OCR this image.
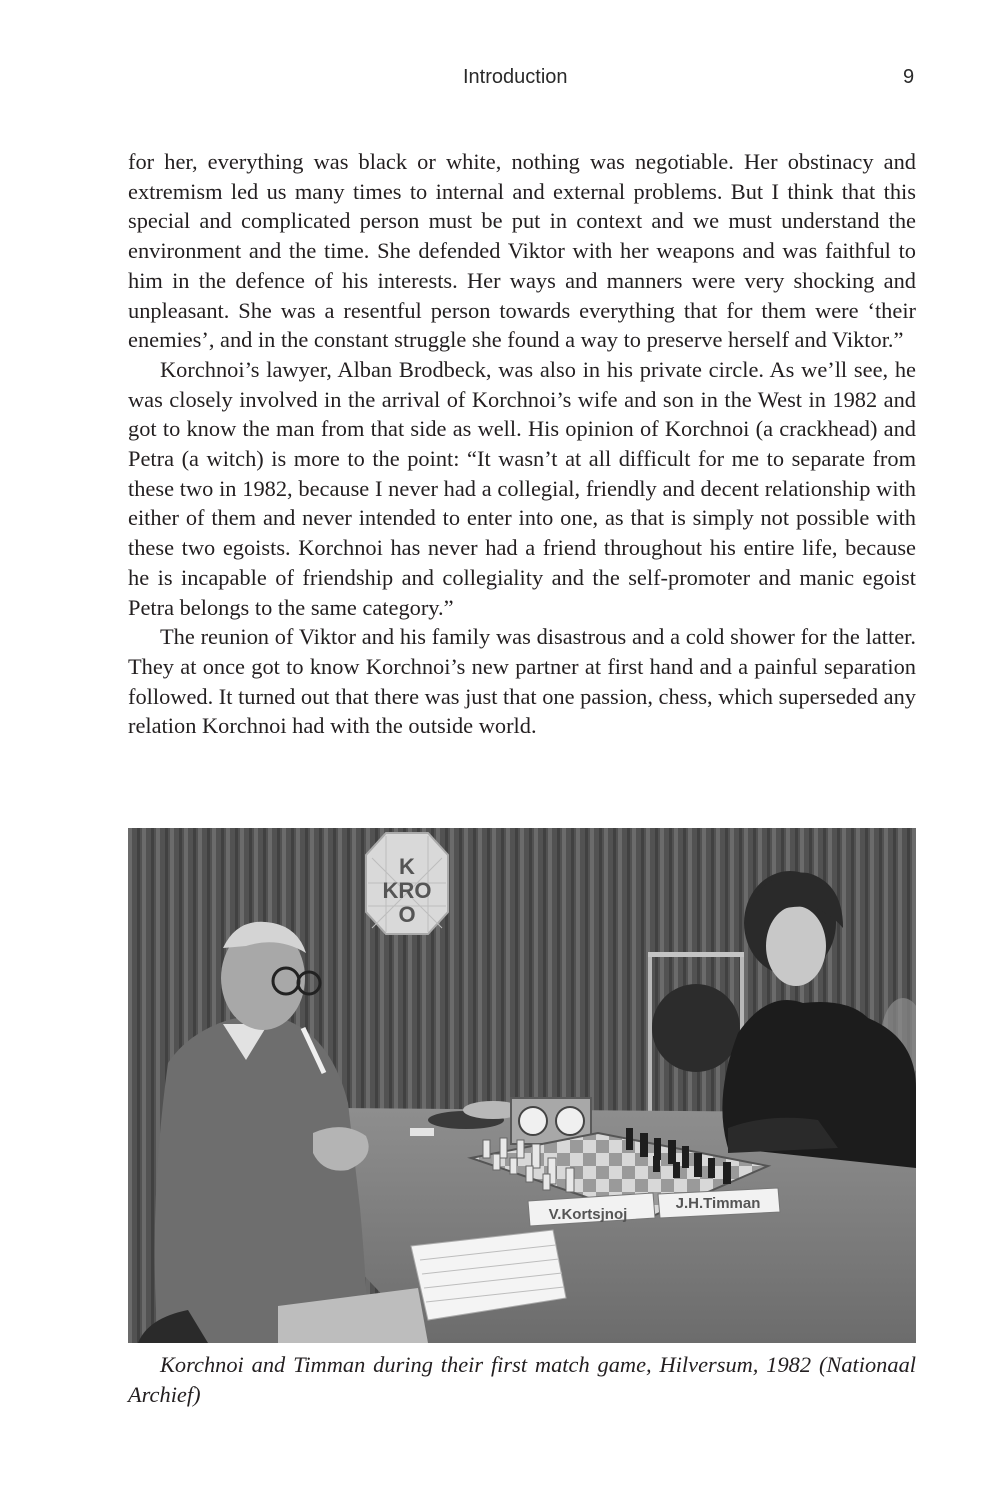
Introduction	9

for her, everything was black or white, nothing was negotiable. Her obstinacy and extremism led us many times to internal and external problems. But I think that this special and complicated person must be put in context and we must understand the environment and the time. She defended Viktor with her weapons and was faithful to him in the defence of his interests. Her ways and manners were very shocking and unpleasant. She was a resentful person towards everything that for them were ‘their enemies’, and in the constant struggle she found a way to preserve herself and Viktor.”

Korchnoi’s lawyer, Alban Brodbeck, was also in his private circle. As we’ll see, he was closely involved in the arrival of Korchnoi’s wife and son in the West in 1982 and got to know the man from that side as well. His opinion of Korchnoi (a crackhead) and Petra (a witch) is more to the point: “It wasn’t at all difficult for me to separate from these two in 1982, because I never had a collegial, friendly and decent relationship with either of them and never intended to enter into one, as that is simply not possible with these two egoists. Korchnoi has never had a friend throughout his entire life, because he is incapable of friendship and collegiality and the self-promoter and manic egoist Petra belongs to the same category.”

The reunion of Viktor and his family was disastrous and a cold shower for the latter. They at once got to know Korchnoi’s new partner at first hand and a painful separation followed. It turned out that there was just that one passion, chess, which superseded any relation Korchnoi had with the outside world.

K
KRO
O
V.Kortsjnoj
J.H.Timman

Korchnoi and Timman during their first match game, Hilversum, 1982 (Nationaal Archief)
